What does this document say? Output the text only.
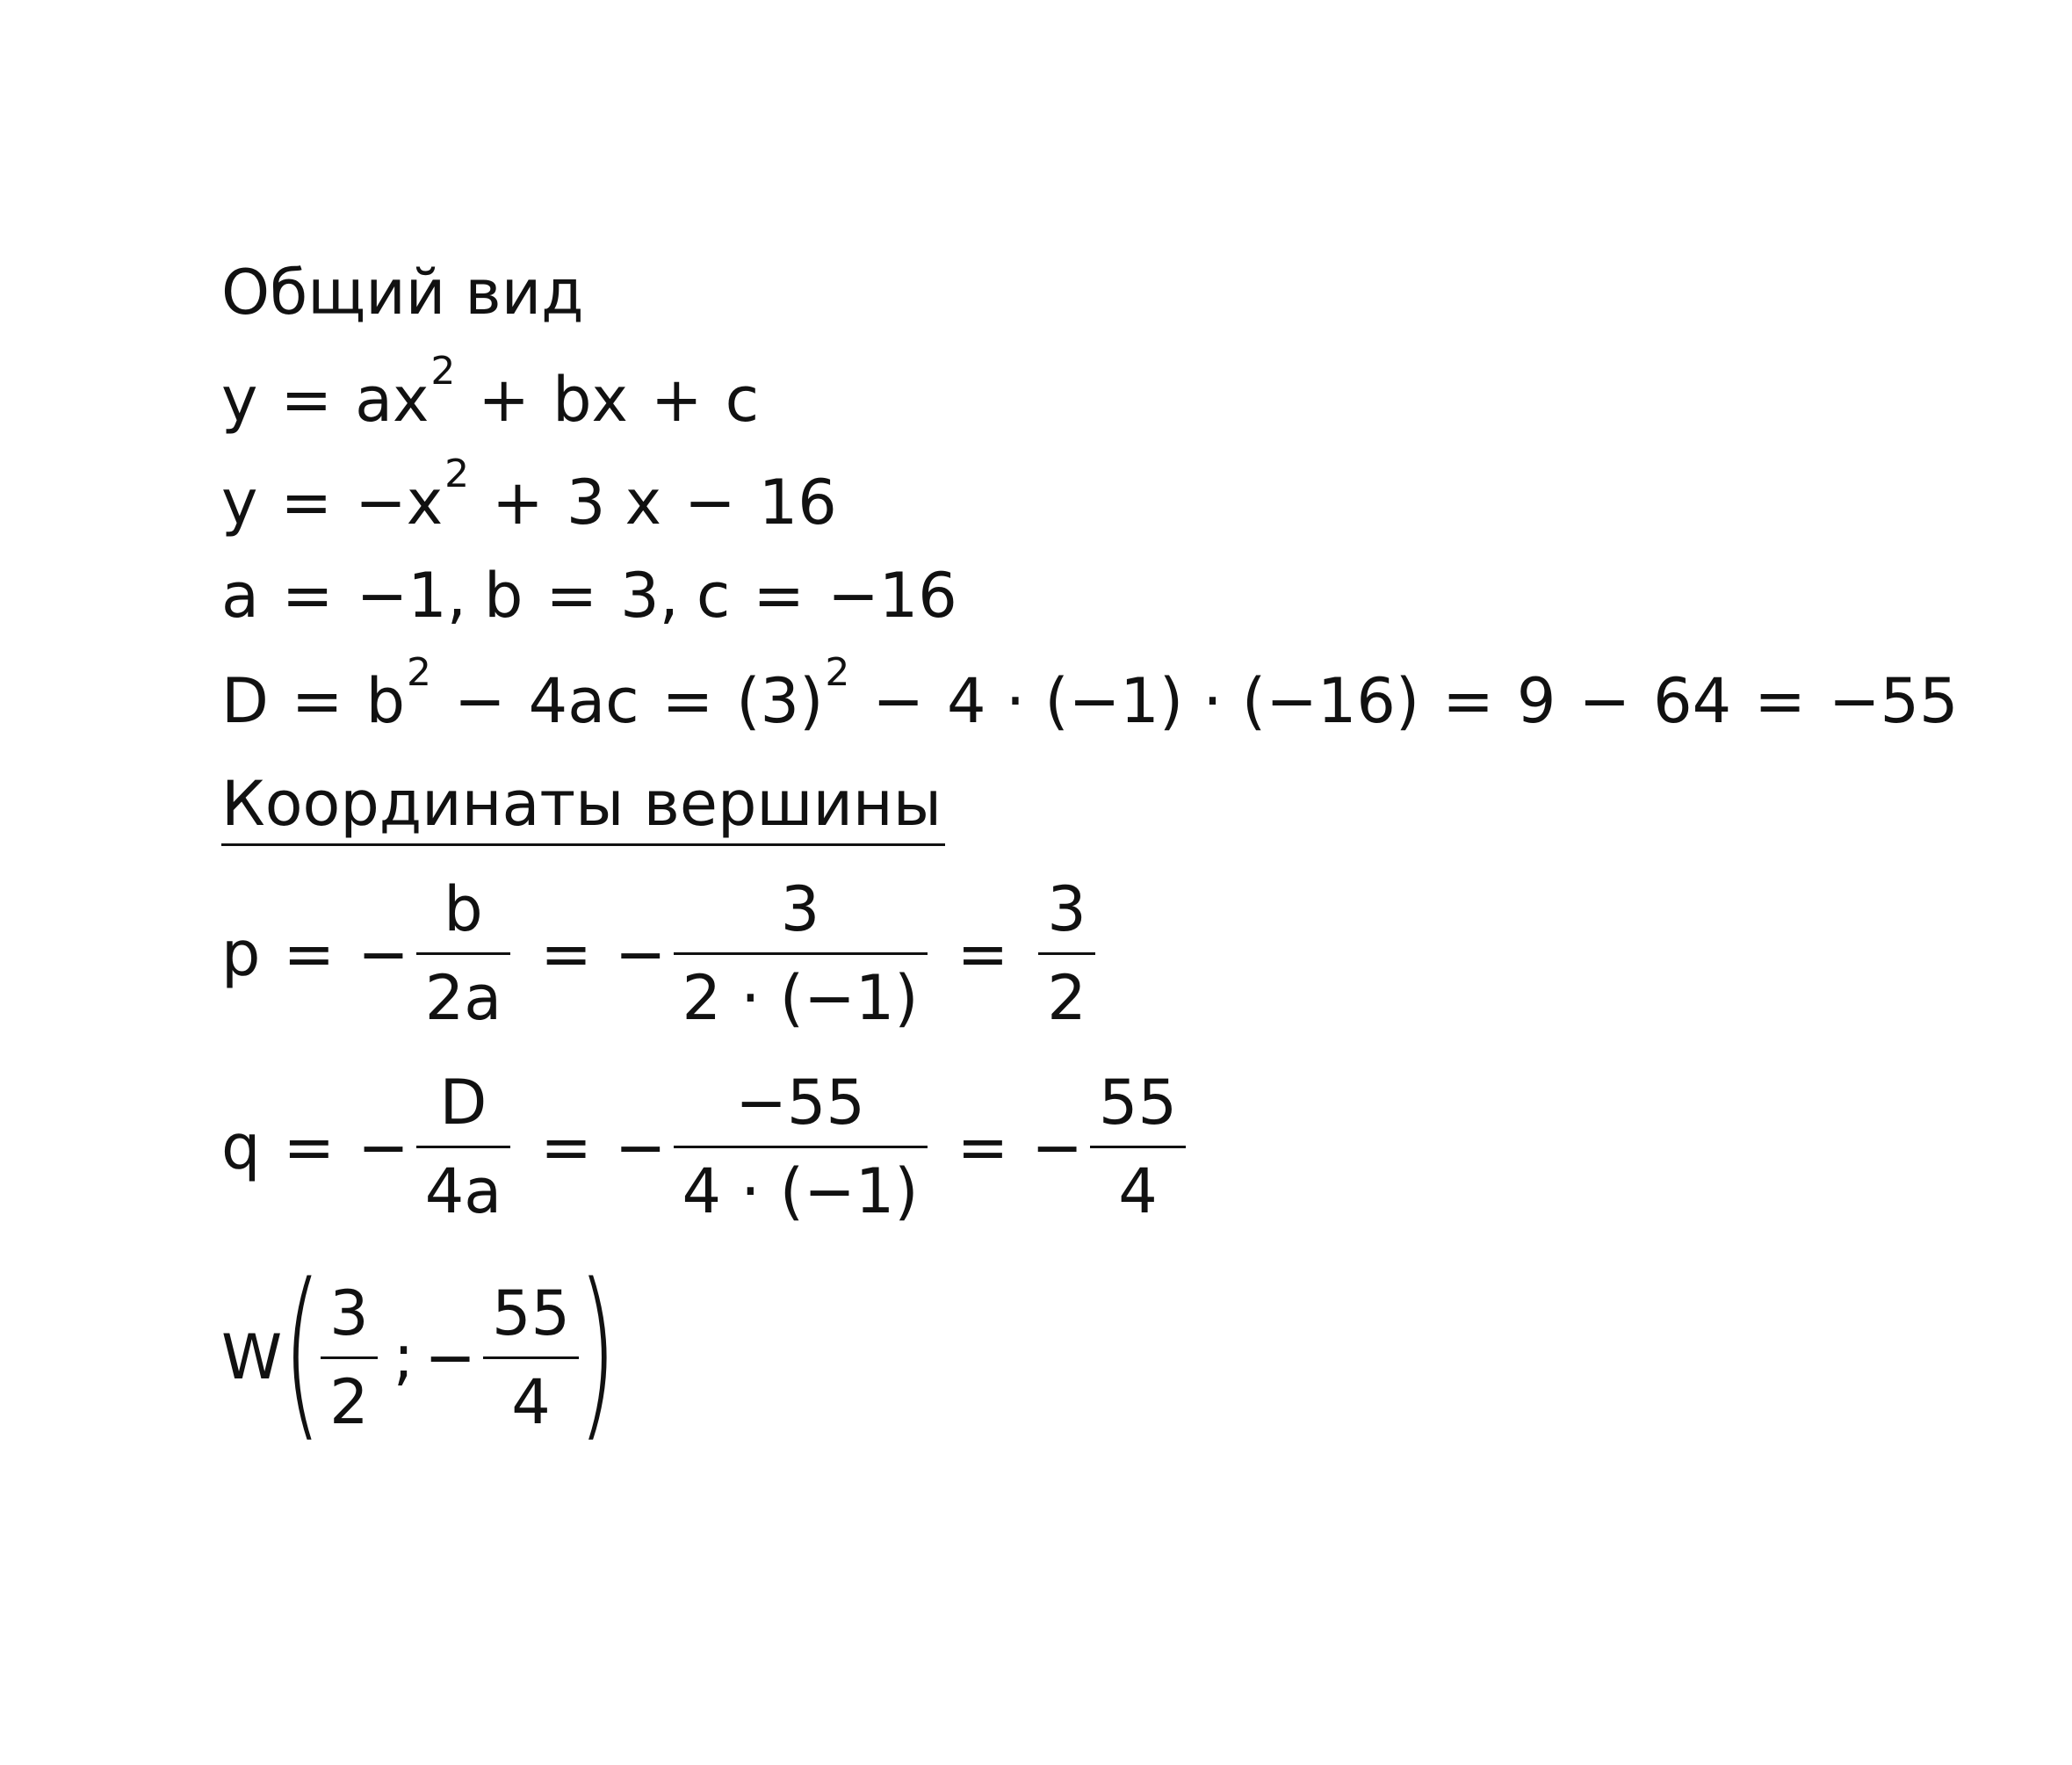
Общий вид
y = ax 2 + bx + c
y = −x 2 + 3 x − 16
a = −1, b = 3, c = −16
D = b 2 − 4ac = (3) 2 − 4 · (−1) · (−16) = 9 − 64 = −55
Координаты вершины
p = − $\frac{b}{2a}$ = − $\frac{3}{2 \cdot (-1)} = \frac{3}{2}$
q = − $\frac{D}{4a}$ = − $\frac{-55}{4 \cdot (-1)}$ = − $\frac{55}{4}$
W (
$\frac{3}{2}$ ; − $\frac{55}{4}$
)
